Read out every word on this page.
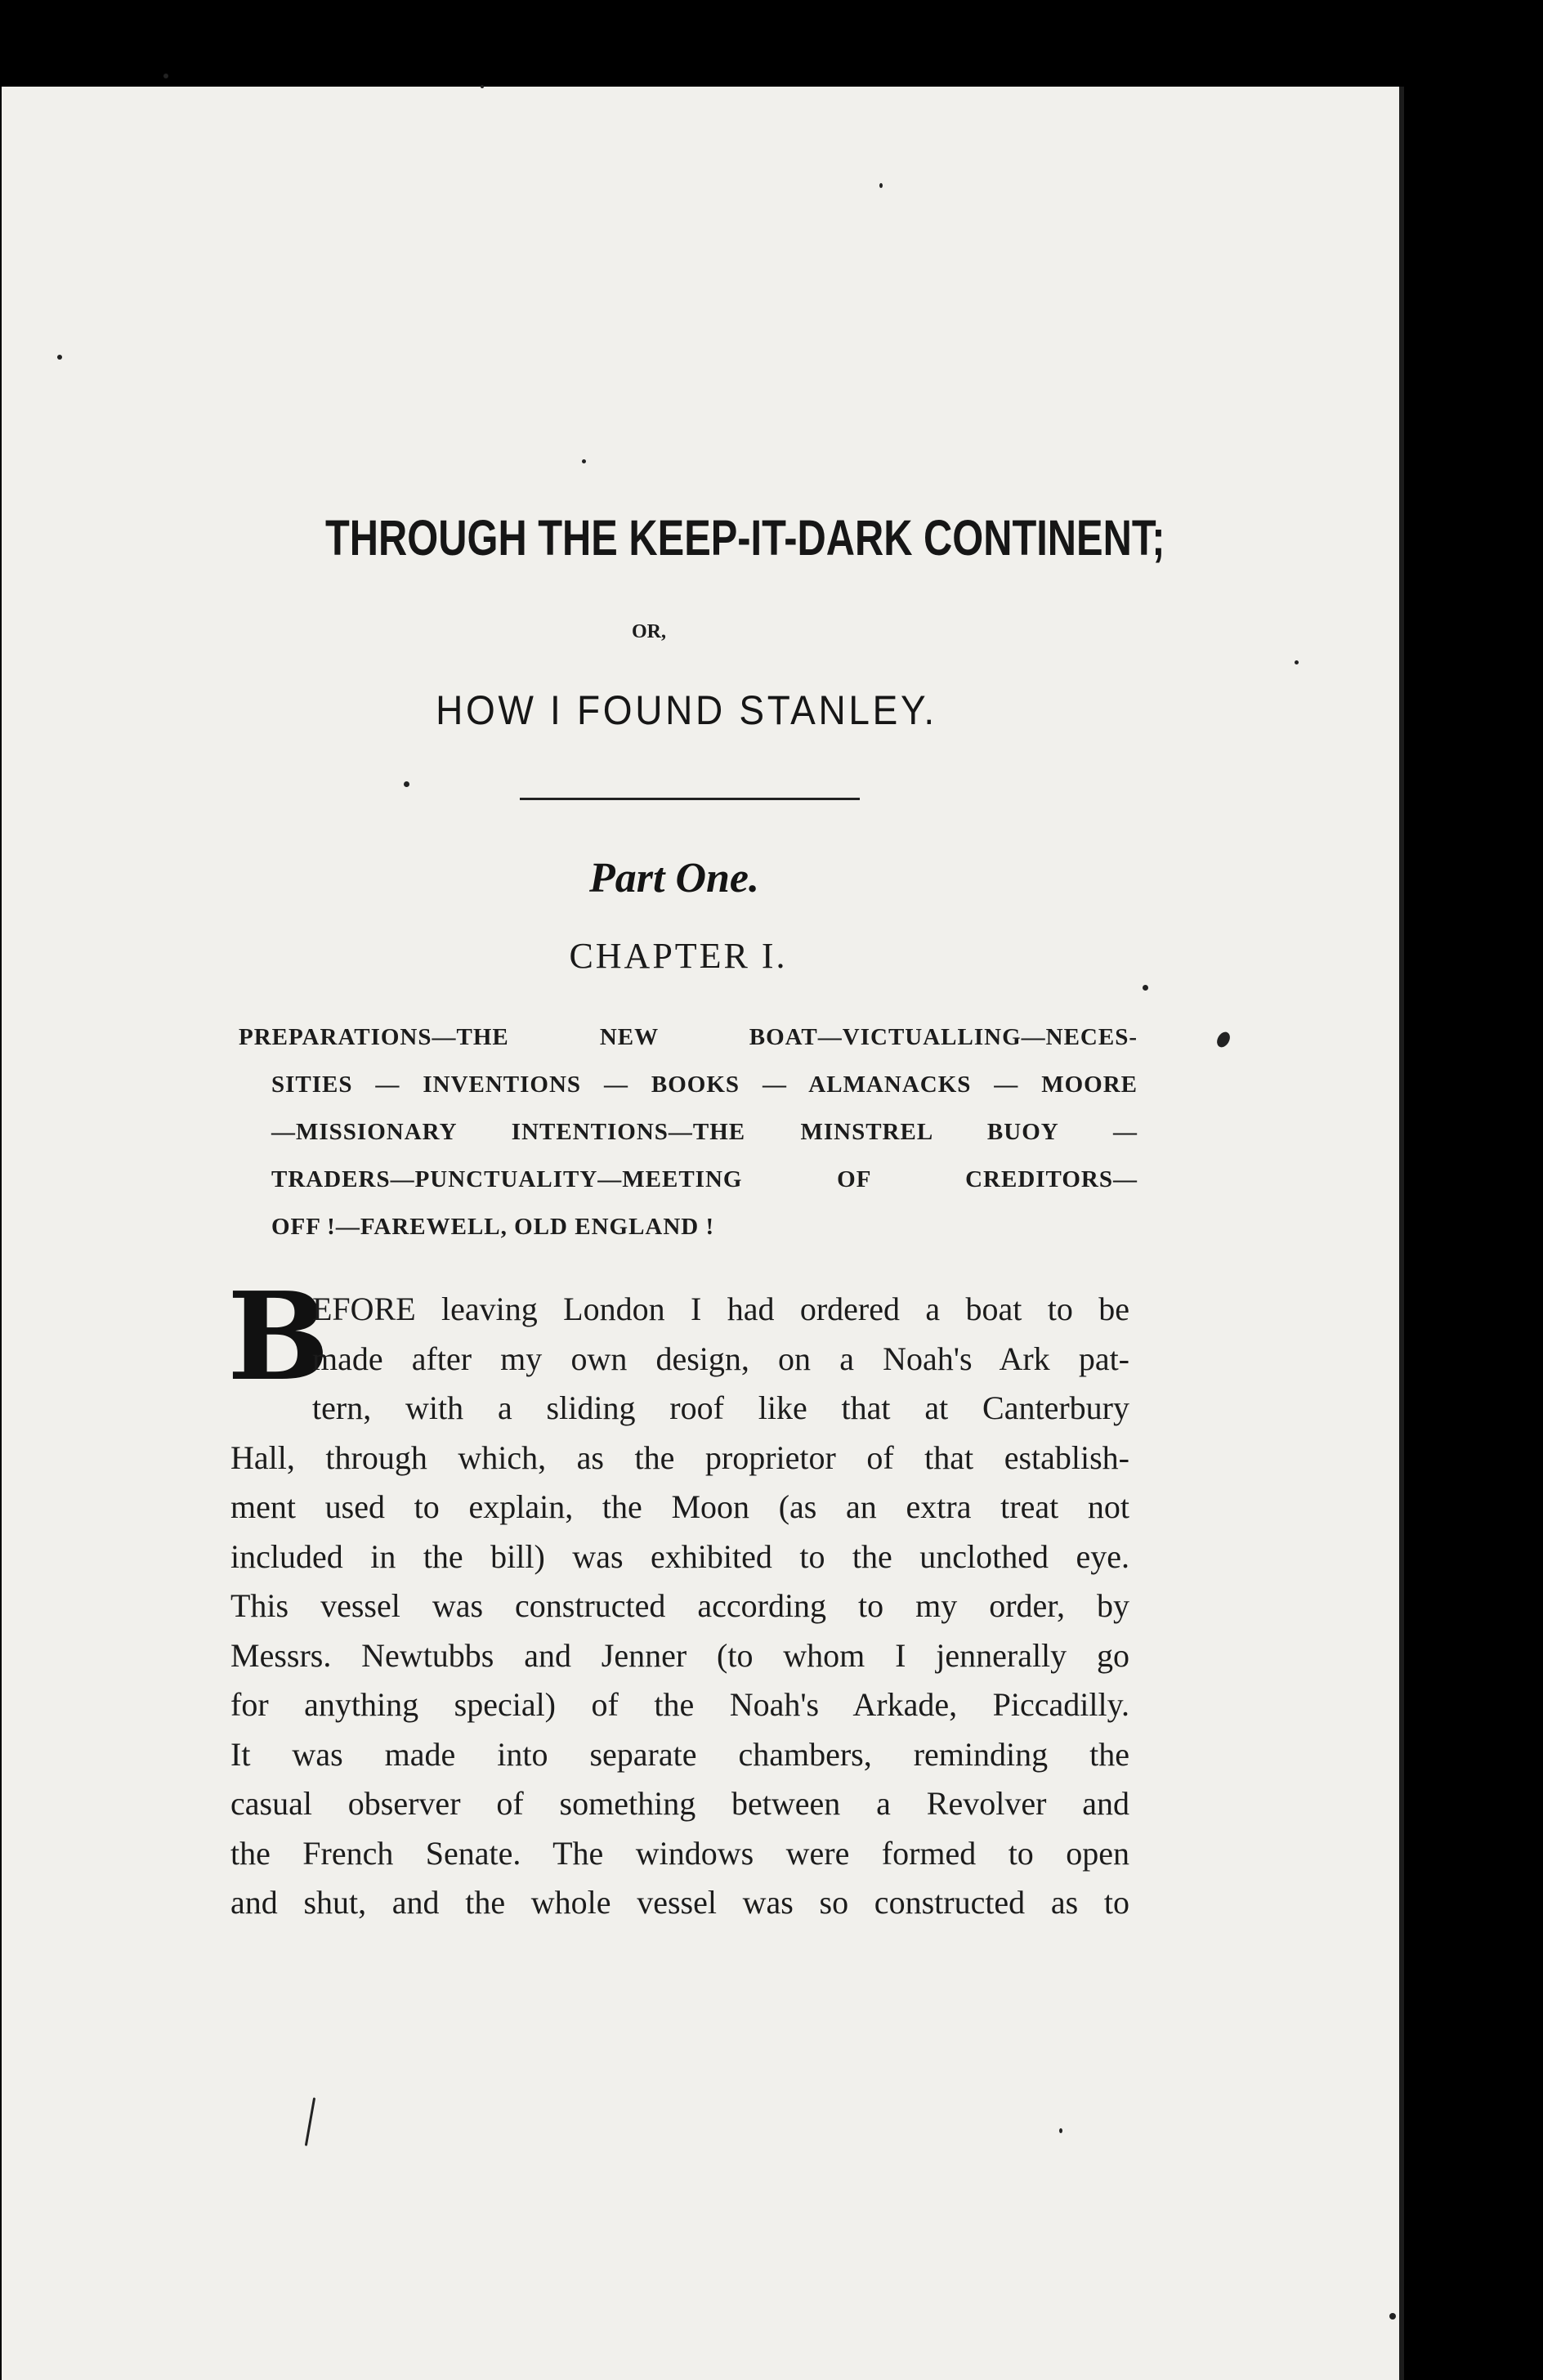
THROUGH THE KEEP-IT-DARK CONTINENT;
OR,
HOW I FOUND STANLEY.
Part One.
CHAPTER I.
PREPARATIONS—THE NEW BOAT—VICTUALLING—NECES-
SITIES — INVENTIONS — BOOKS — ALMANACKS — MOORE
—MISSIONARY INTENTIONS—THE MINSTREL BUOY —
TRADERS—PUNCTUALITY—MEETING OF CREDITORS—
OFF !—FAREWELL, OLD ENGLAND !
B
EFORE leaving London I had ordered a boat to be
made after my own design, on a Noah's Ark pat-
tern, with a sliding roof like that at Canterbury
Hall, through which, as the proprietor of that establish-
ment used to explain, the Moon (as an extra treat not
included in the bill) was exhibited to the unclothed eye.
This vessel was constructed according to my order, by
Messrs. Newtubbs and Jenner (to whom I jennerally go
for anything special) of the Noah's Arkade, Piccadilly.
It was made into separate chambers, reminding the
casual observer of something between a Revolver and
the French Senate. The windows were formed to open
and shut, and the whole vessel was so constructed as to
